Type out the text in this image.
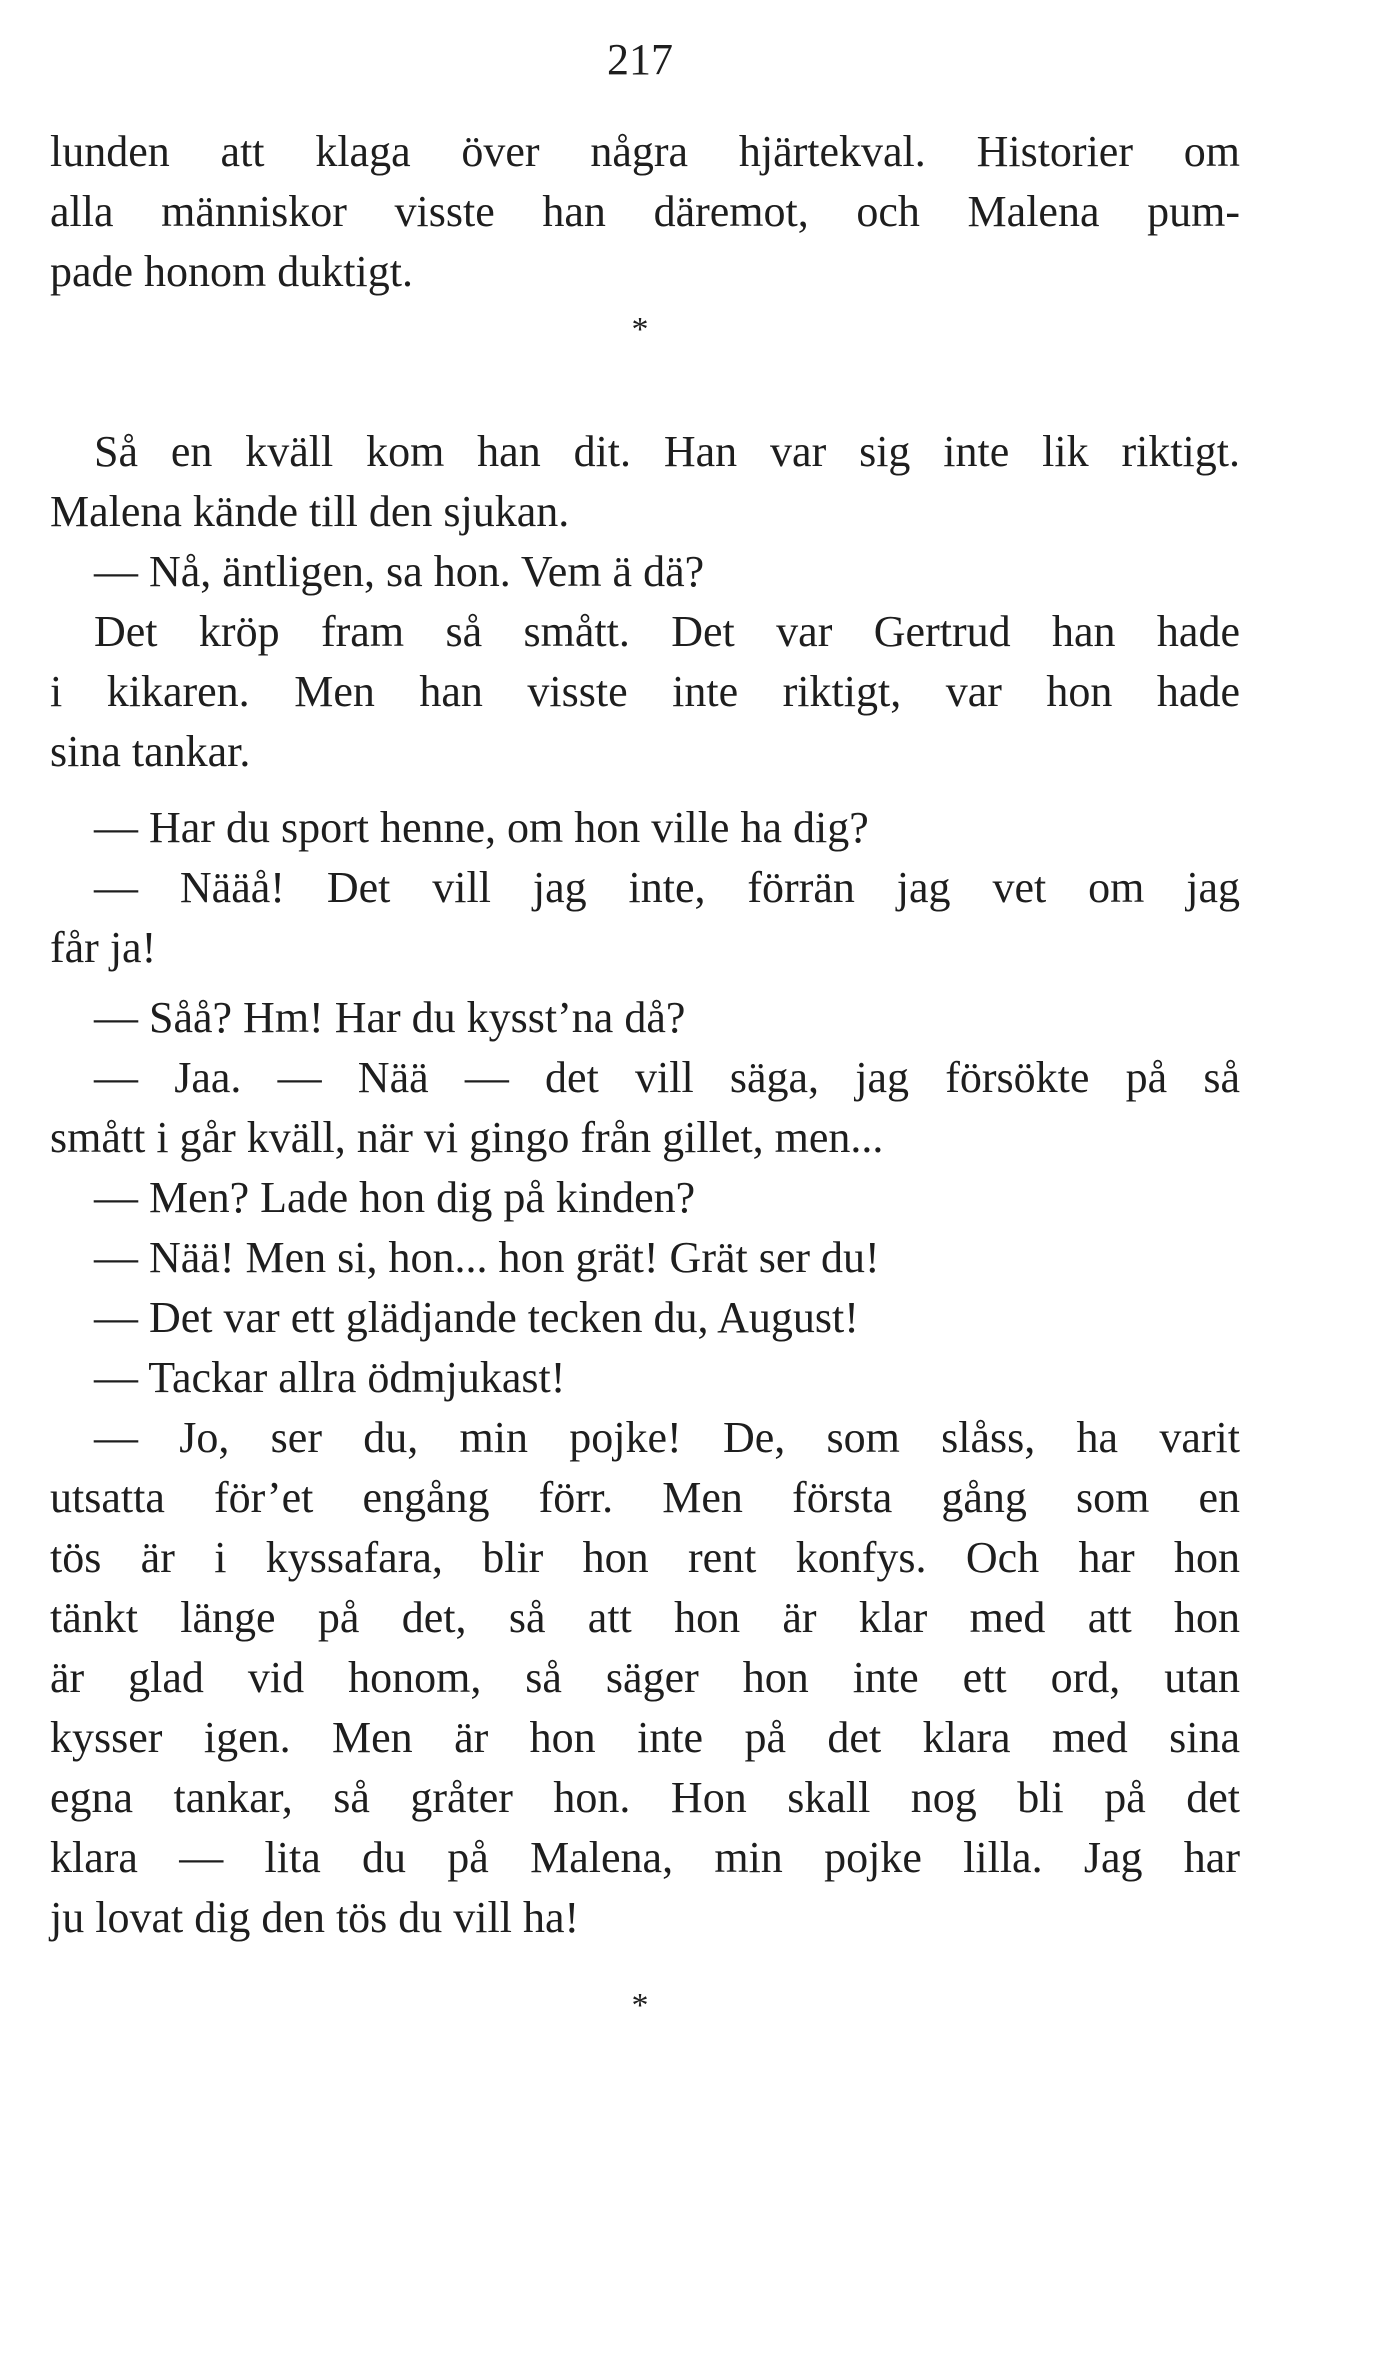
217
lunden att klaga över några hjärtekval. Historier om
alla människor visste han däremot, och Malena pum-
pade honom duktigt.
*
Så en kväll kom han dit. Han var sig inte lik riktigt.
Malena kände till den sjukan.
— Nå, äntligen, sa hon. Vem ä dä?
Det kröp fram så smått. Det var Gertrud han hade
i kikaren. Men han visste inte riktigt, var hon hade
sina tankar.
— Har du sport henne, om hon ville ha dig?
— Nääå! Det vill jag inte, förrän jag vet om jag
får ja!
— Såå? Hm! Har du kysst’na då?
— Jaa. — Nää — det vill säga, jag försökte på så
smått i går kväll, när vi gingo från gillet, men...
— Men? Lade hon dig på kinden?
— Nää! Men si, hon... hon grät! Grät ser du!
— Det var ett glädjande tecken du, August!
— Tackar allra ödmjukast!
— Jo, ser du, min pojke! De, som slåss, ha varit
utsatta för’et engång förr. Men första gång som en
tös är i kyssafara, blir hon rent konfys. Och har hon
tänkt länge på det, så att hon är klar med att hon
är glad vid honom, så säger hon inte ett ord, utan
kysser igen. Men är hon inte på det klara med sina
egna tankar, så gråter hon. Hon skall nog bli på det
klara — lita du på Malena, min pojke lilla. Jag har
ju lovat dig den tös du vill ha!
*
